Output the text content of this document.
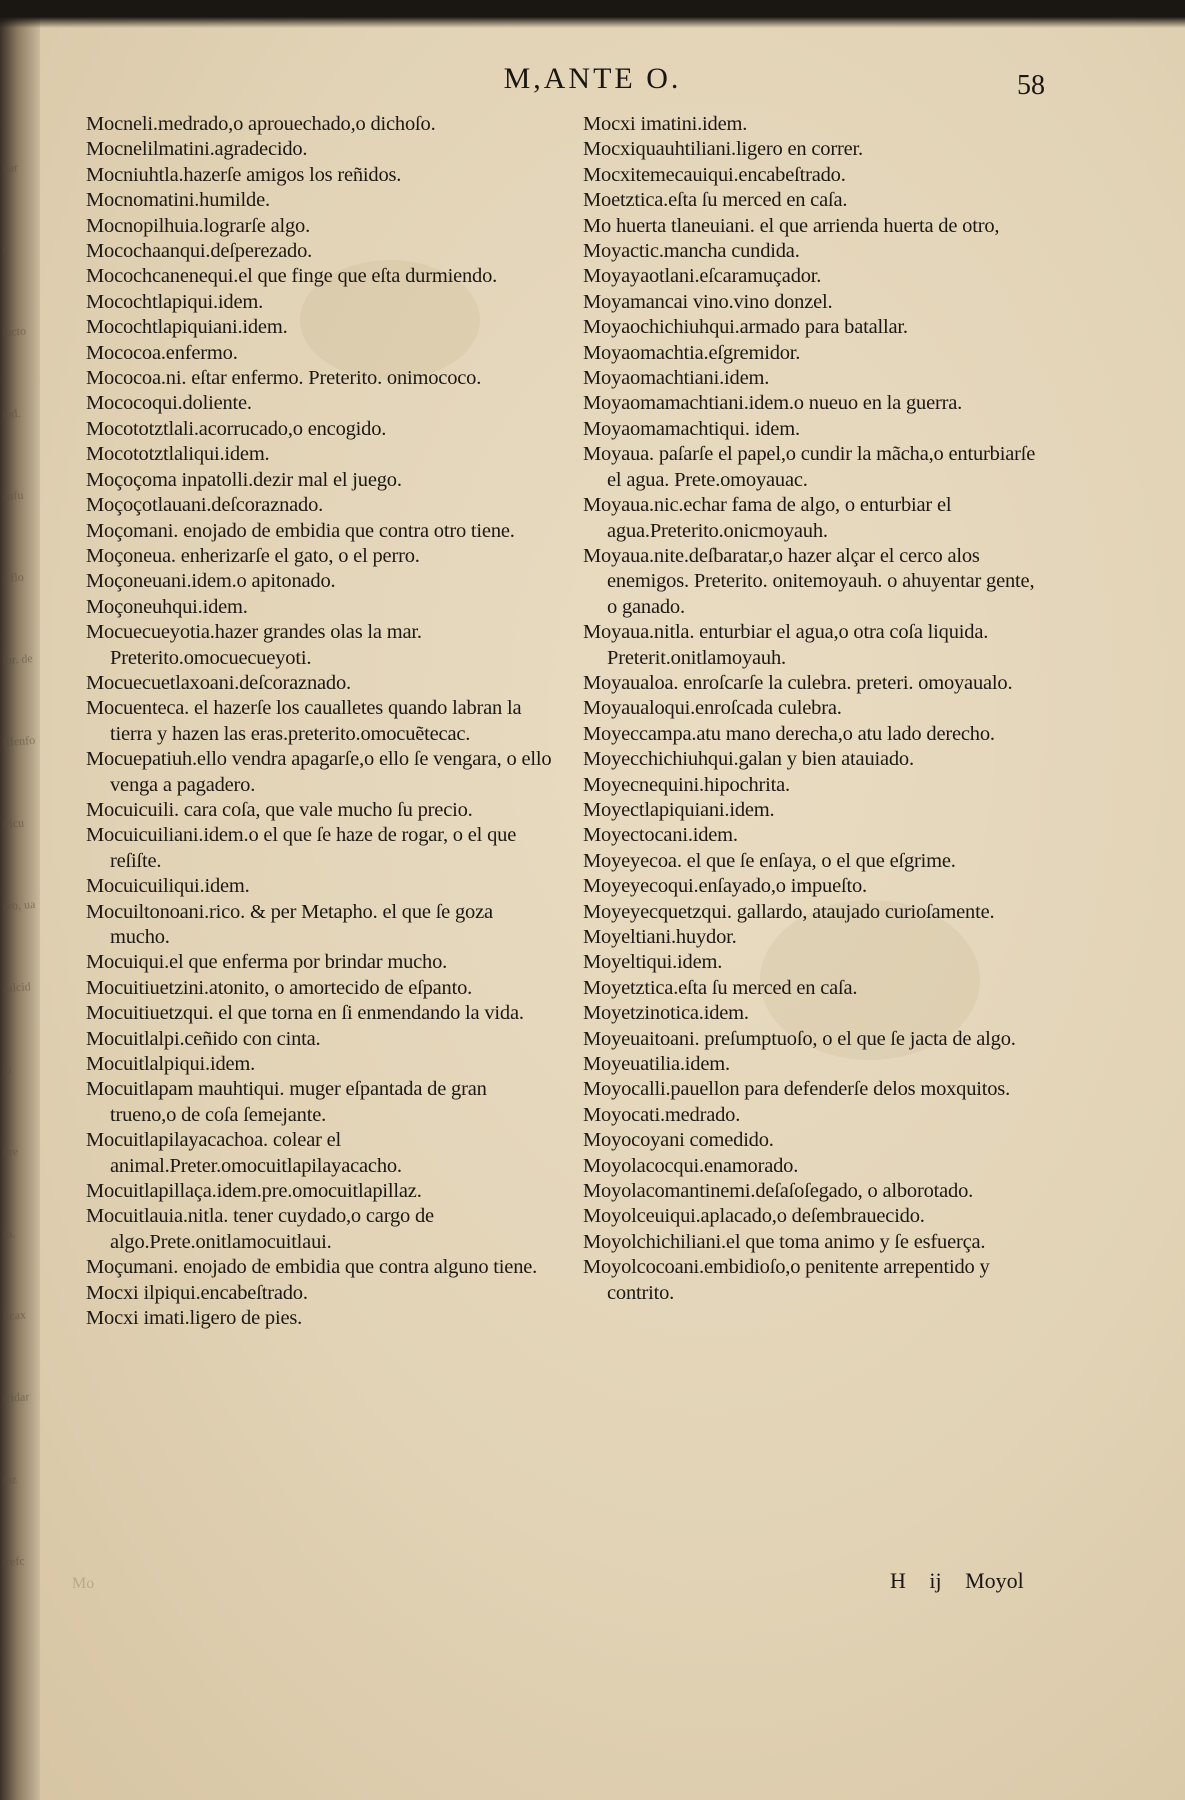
ilar
t.
facto
tud.
enfu
a flo
fur. de
Iffenfo
tricu
nro, ua
calcid
lo
Pre
fo.
ficax
tcidar
toz
rrefc
M,ANTE O.	58
Mocneli.medrado,o aprouechado,o dichoſo.
Mocnelilmatini.agradecido.
Mocniuhtla.hazerſe amigos los reñidos.
Mocnomatini.humilde.
Mocnopilhuia.lograrſe algo.
Mocochaanqui.deſperezado.
Mocochcanenequi.el que finge que eſta durmiendo.
Mocochtlapiqui.idem.
Mocochtlapiquiani.idem.
Mococoa.enfermo.
Mococoa.ni. eſtar enfermo. Preterito. onimococo.
Mococoqui.doliente.
Mocototztlali.acorrucado,o encogido.
Mocototztlaliqui.idem.
Moçoçoma inpatolli.dezir mal el juego.
Moçoçotlauani.deſcoraznado.
Moçomani. enojado de embidia que contra otro tiene.
Moçoneua. enherizarſe el gato, o el perro.
Moçoneuani.idem.o apitonado.
Moçoneuhqui.idem.
Mocuecueyotia.hazer grandes olas la mar. Preterito.omocuecueyoti.
Mocuecuetlaxoani.deſcoraznado.
Mocuenteca. el hazerſe los caualletes quando labran la tierra y hazen las eras.preterito.omocuẽtecac.
Mocuepatiuh.ello vendra apagarſe,o ello ſe vengara, o ello venga a pagadero.
Mocuicuili. cara coſa, que vale mucho ſu precio.
Mocuicuiliani.idem.o el que ſe haze de rogar, o el que reſiſte.
Mocuicuiliqui.idem.
Mocuiltonoani.rico. & per Metapho. el que ſe goza mucho.
Mocuiqui.el que enferma por brindar mucho.
Mocuitiuetzini.atonito, o amortecido de eſpanto.
Mocuitiuetzqui. el que torna en ſi enmendando la vida.
Mocuitlalpi.ceñido con cinta.
Mocuitlalpiqui.idem.
Mocuitlapam mauhtiqui. muger eſpantada de gran trueno,o de coſa ſemejante.
Mocuitlapilayacachoa. colear el animal.Preter.omocuitlapilayacacho.
Mocuitlapillaça.idem.pre.omocuitlapillaz.
Mocuitlauia.nitla. tener cuydado,o cargo de algo.Prete.onitlamocuitlaui.
Moçumani. enojado de embidia que contra alguno tiene.
Mocxi ilpiqui.encabeſtrado.
Mocxi imati.ligero de pies.
Mocxi imatini.idem.
Mocxiquauhtiliani.ligero en correr.
Mocxitemecauiqui.encabeſtrado.
Moetztica.eſta ſu merced en caſa.
Mo huerta tlaneuiani. el que arrienda huerta de otro,
Moyactic.mancha cundida.
Moyayaotlani.eſcaramuçador.
Moyamancai vino.vino donzel.
Moyaochichiuhqui.armado para batallar.
Moyaomachtia.eſgremidor.
Moyaomachtiani.idem.
Moyaomamachtiani.idem.o nueuo en la guerra.
Moyaomamachtiqui. idem.
Moyaua. paſarſe el papel,o cundir la mãcha,o enturbiarſe el agua. Prete.omoyauac.
Moyaua.nic.echar fama de algo, o enturbiar el agua.Preterito.onicmoyauh.
Moyaua.nite.deſbaratar,o hazer alçar el cerco alos enemigos. Preterito. onitemoyauh. o ahuyentar gente, o ganado.
Moyaua.nitla. enturbiar el agua,o otra coſa liquida. Preterit.onitlamoyauh.
Moyaualoa. enroſcarſe la culebra. preteri. omoyaualo.
Moyaualoqui.enroſcada culebra.
Moyeccampa.atu mano derecha,o atu lado derecho.
Moyecchichiuhqui.galan y bien atauiado.
Moyecnequini.hipochrita.
Moyectlapiquiani.idem.
Moyectocani.idem.
Moyeyecoa. el que ſe enſaya, o el que eſgrime.
Moyeyecoqui.enſayado,o impueſto.
Moyeyecquetzqui. gallardo, ataujado curioſamente.
Moyeltiani.huydor.
Moyeltiqui.idem.
Moyetztica.eſta ſu merced en caſa.
Moyetzinotica.idem.
Moyeuaitoani. preſumptuoſo, o el que ſe jacta de algo.
Moyeuatilia.idem.
Moyocalli.pauellon para defenderſe delos moxquitos.
Moyocati.medrado.
Moyocoyani comedido.
Moyolacocqui.enamorado.
Moyolacomantinemi.deſaſoſegado, o alborotado.
Moyolceuiqui.aplacado,o deſembrauecido.
Moyolchichiliani.el que toma animo y ſe esfuerça.
Moyolcocoani.embidioſo,o penitente arrepentido y contrito.
Mo	H ij Moyol
